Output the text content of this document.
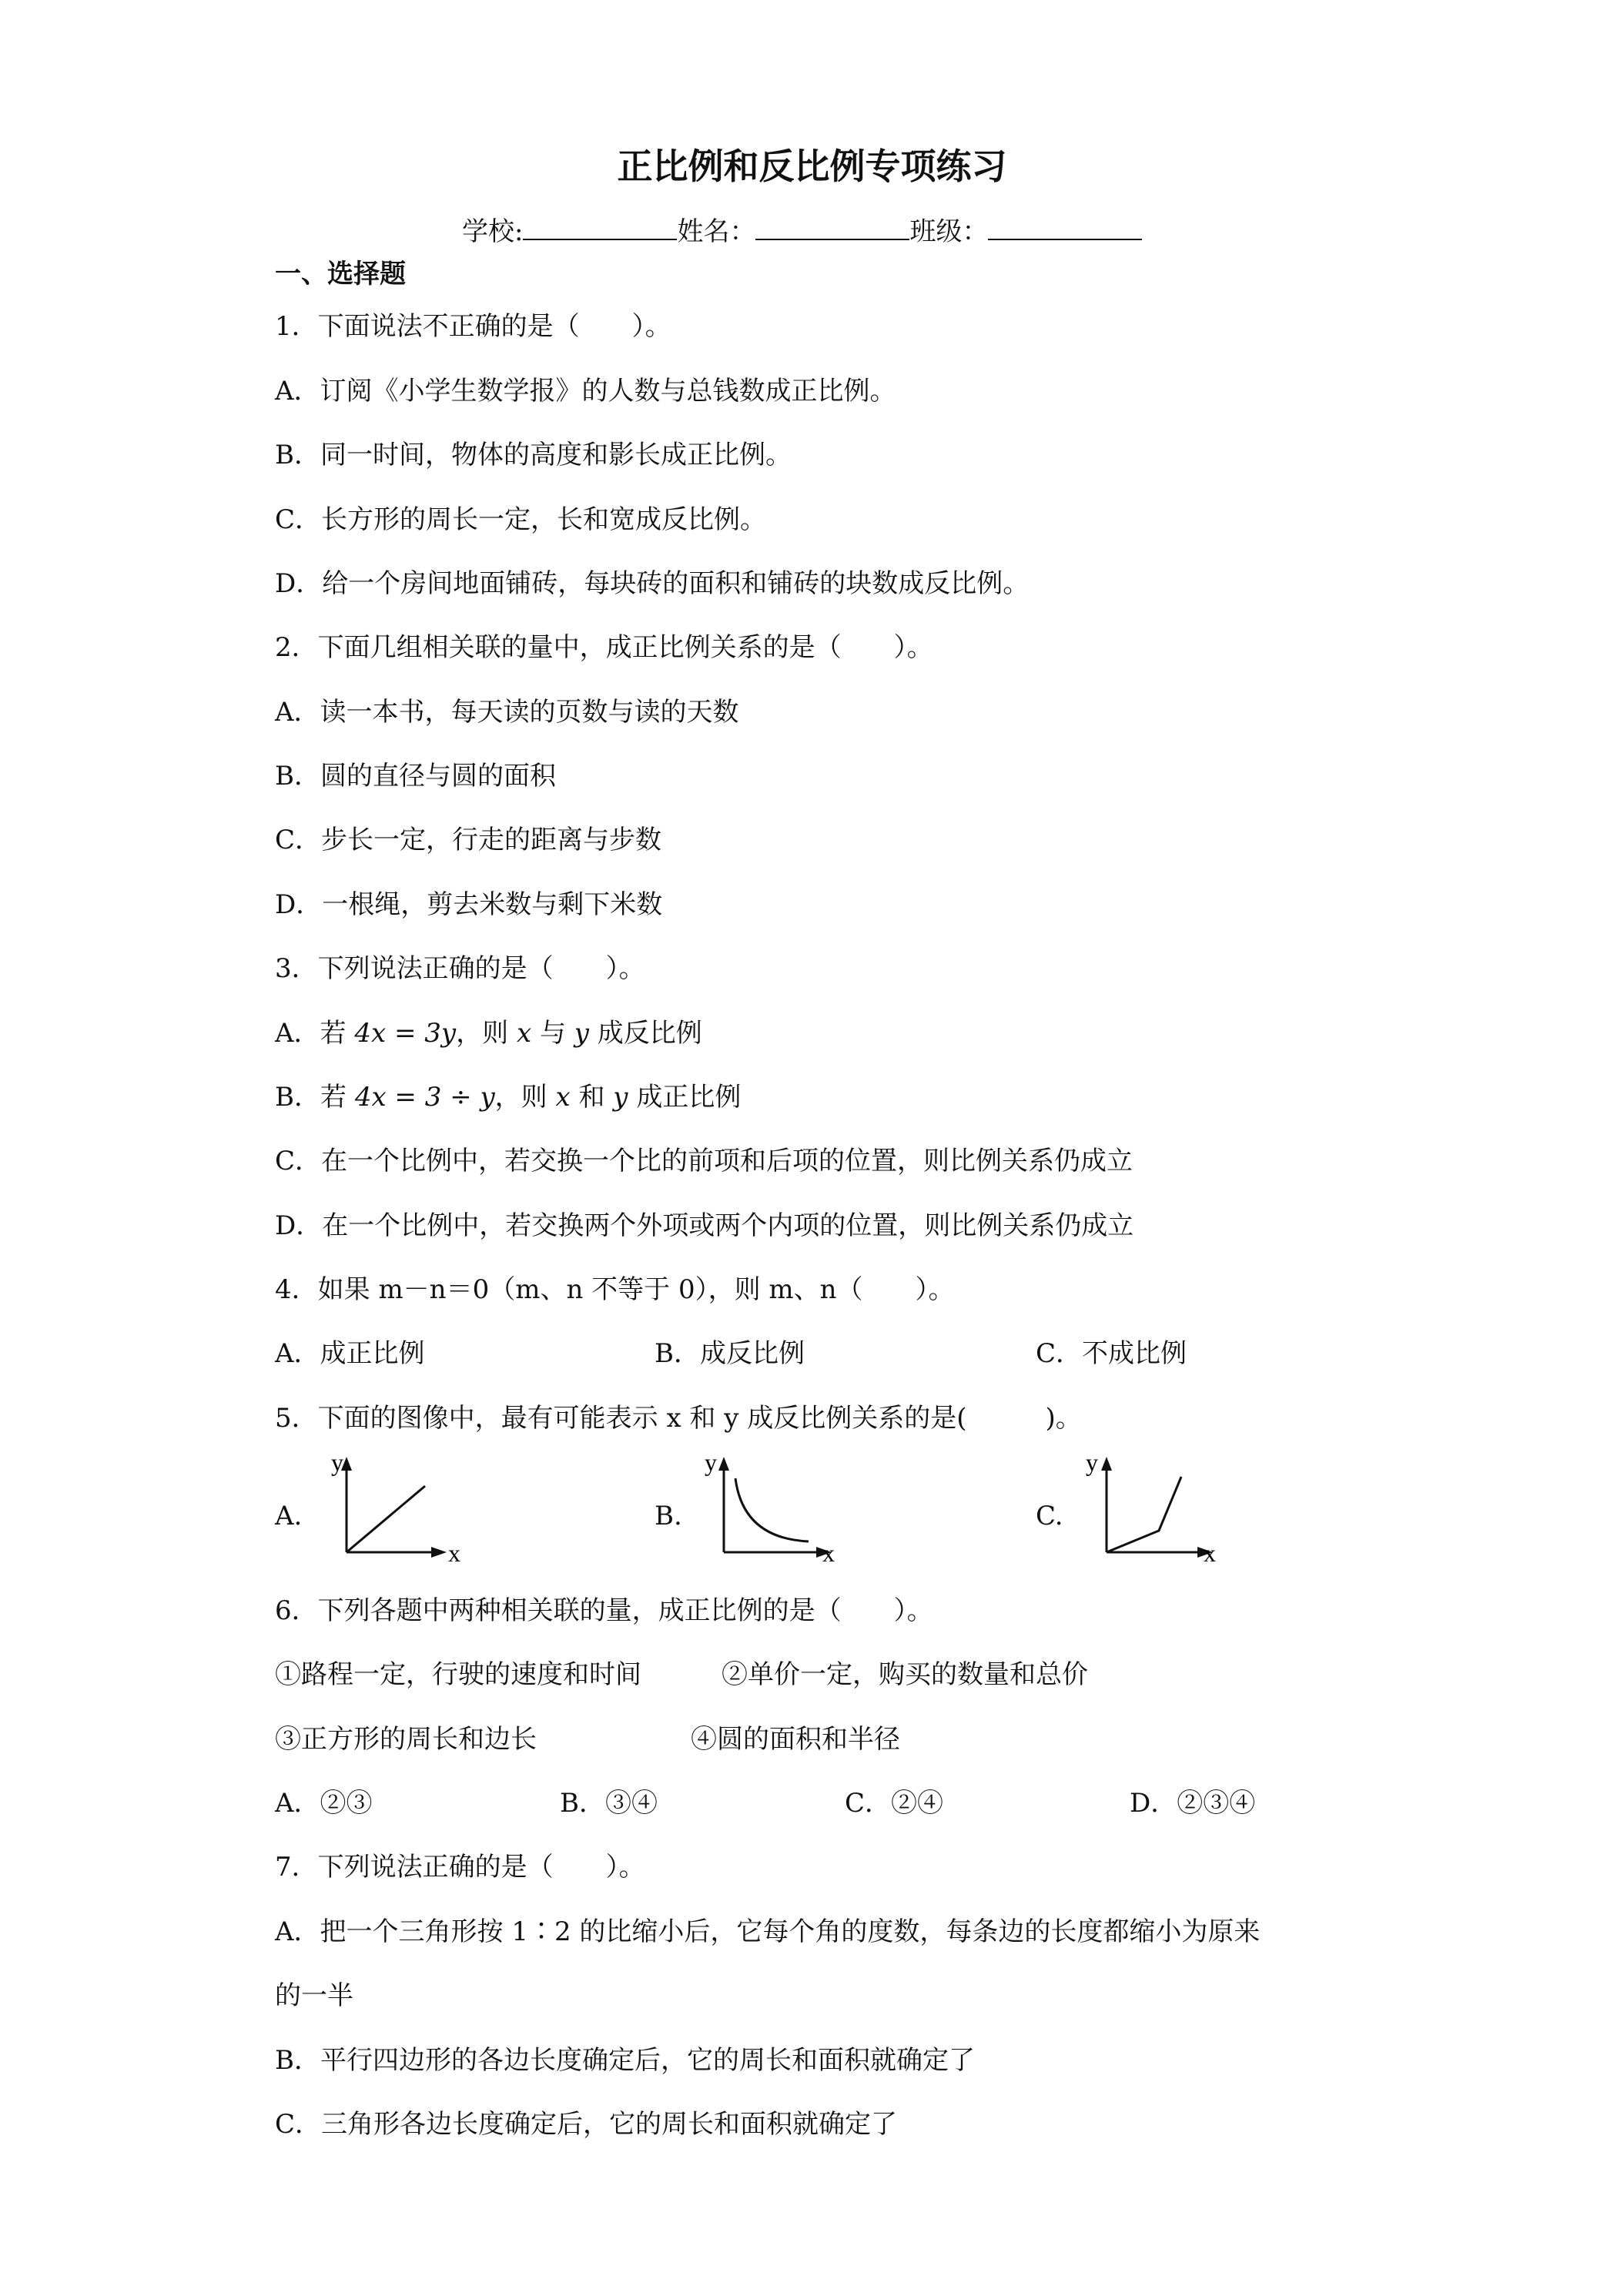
正比例和反比例专项练习
学校:	姓名：	班级：
一、选择题
1．下面说法不正确的是（　　）。
A．订阅《小学生数学报》的人数与总钱数成正比例。
B．同一时间，物体的高度和影长成正比例。
C．长方形的周长一定，长和宽成反比例。
D．给一个房间地面铺砖，每块砖的面积和铺砖的块数成反比例。
2．下面几组相关联的量中，成正比例关系的是（　　）。
A．读一本书，每天读的页数与读的天数
B．圆的直径与圆的面积
C．步长一定，行走的距离与步数
D．一根绳，剪去米数与剩下米数
3．下列说法正确的是（　　）。
A．若 4x = 3y，则 x 与 y 成反比例
B．若 4x = 3 ÷ y，则 x 和 y 成正比例
C．在一个比例中，若交换一个比的前项和后项的位置，则比例关系仍成立
D．在一个比例中，若交换两个外项或两个内项的位置，则比例关系仍成立
4．如果 m－n＝0（m、n 不等于 0），则 m、n（　　）。
A．成正比例	B．成反比例	C．不成比例
5．下面的图像中，最有可能表示 x 和 y 成反比例关系的是(　　　)。
A.
y
x
B.
y
x
C.
y
x
6．下列各题中两种相关联的量，成正比例的是（　　）。
①路程一定，行驶的速度和时间	②单价一定，购买的数量和总价
③正方形的周长和边长	④圆的面积和半径
A．②③	B．③④	C．②④	D．②③④
7．下列说法正确的是（　　）。
A．把一个三角形按 1∶2 的比缩小后，它每个角的度数，每条边的长度都缩小为原来
的一半
B．平行四边形的各边长度确定后，它的周长和面积就确定了
C．三角形各边长度确定后，它的周长和面积就确定了
